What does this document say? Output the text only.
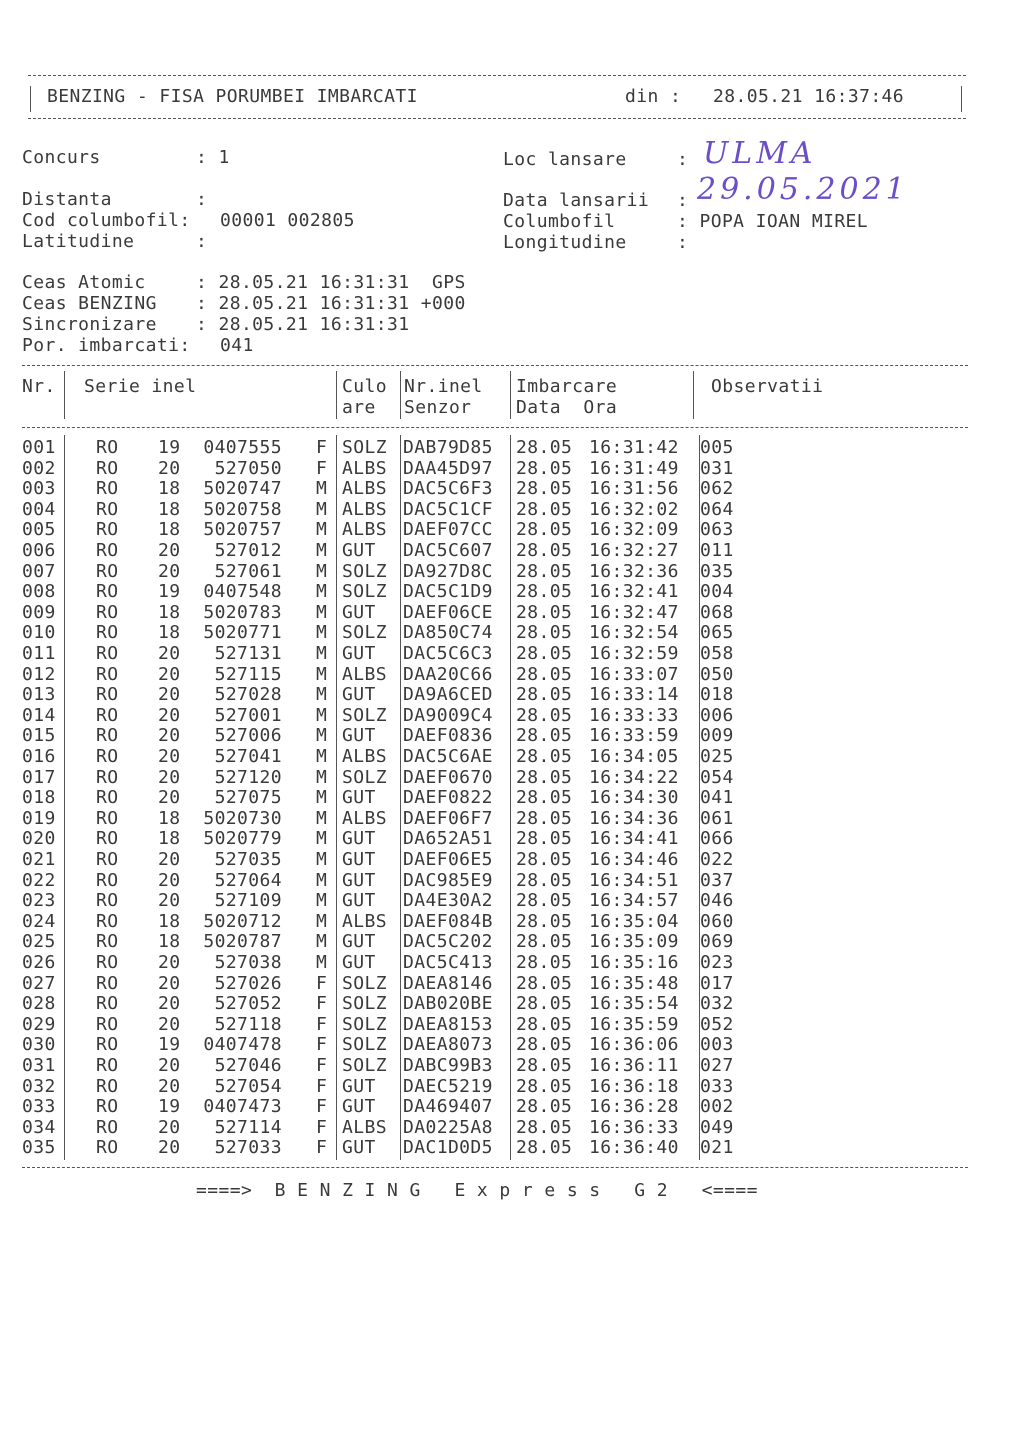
BENZING - FISA PORUMBEI IMBARCATI	din : 28.05.21 16:37:46
Concurs	: 1	Loc lansare	: ULMA
Distanta	:	Data lansarii : 29.05.2021
Cod columbofil: 00001 002805	Columbofil	: POPA IOAN MIREL
Latitudine	:	Longitudine	:
Ceas Atomic	: 28.05.21 16:31:31  GPS
Ceas BENZING : 28.05.21 16:31:31 +000
Sincronizare : 28.05.21 16:31:31
Por. imbarcati: 041
Nr. Serie inel	Culo
are
Nr.inel
Senzor
Imbarcare
Data  Ora
Observatii
001 RO 19 0407555 F SOLZ DAB79D85 28.05 16:31:42 005
002 RO 20 527050 F ALBS DAA45D97 28.05 16:31:49 031
003 RO 18 5020747 M ALBS DAC5C6F3 28.05 16:31:56 062
004 RO 18 5020758 M ALBS DAC5C1CF 28.05 16:32:02 064
005 RO 18 5020757 M ALBS DAEF07CC 28.05 16:32:09 063
006 RO 20 527012 M GUT DAC5C607 28.05 16:32:27 011
007 RO 20 527061 M SOLZ DA927D8C 28.05 16:32:36 035
008 RO 19 0407548 M SOLZ DAC5C1D9 28.05 16:32:41 004
009 RO 18 5020783 M GUT DAEF06CE 28.05 16:32:47 068
010 RO 18 5020771 M SOLZ DA850C74 28.05 16:32:54 065
011 RO 20 527131 M GUT DAC5C6C3 28.05 16:32:59 058
012 RO 20 527115 M ALBS DAA20C66 28.05 16:33:07 050
013 RO 20 527028 M GUT DA9A6CED 28.05 16:33:14 018
014 RO 20 527001 M SOLZ DA9009C4 28.05 16:33:33 006
015 RO 20 527006 M GUT DAEF0836 28.05 16:33:59 009
016 RO 20 527041 M ALBS DAC5C6AE 28.05 16:34:05 025
017 RO 20 527120 M SOLZ DAEF0670 28.05 16:34:22 054
018 RO 20 527075 M GUT DAEF0822 28.05 16:34:30 041
019 RO 18 5020730 M ALBS DAEF06F7 28.05 16:34:36 061
020 RO 18 5020779 M GUT DA652A51 28.05 16:34:41 066
021 RO 20 527035 M GUT DAEF06E5 28.05 16:34:46 022
022 RO 20 527064 M GUT DAC985E9 28.05 16:34:51 037
023 RO 20 527109 M GUT DA4E30A2 28.05 16:34:57 046
024 RO 18 5020712 M ALBS DAEF084B 28.05 16:35:04 060
025 RO 18 5020787 M GUT DAC5C202 28.05 16:35:09 069
026 RO 20 527038 M GUT DAC5C413 28.05 16:35:16 023
027 RO 20 527026 F SOLZ DAEA8146 28.05 16:35:48 017
028 RO 20 527052 F SOLZ DAB020BE 28.05 16:35:54 032
029 RO 20 527118 F SOLZ DAEA8153 28.05 16:35:59 052
030 RO 19 0407478 F SOLZ DAEA8073 28.05 16:36:06 003
031 RO 20 527046 F SOLZ DABC99B3 28.05 16:36:11 027
032 RO 20 527054 F GUT DAEC5219 28.05 16:36:18 033
033 RO 19 0407473 F GUT DA469407 28.05 16:36:28 002
034 RO 20 527114 F ALBS DA0225A8 28.05 16:36:33 049
035 RO 20 527033 F GUT DAC1D0D5 28.05 16:36:40 021
====>  B E N Z I N G   E x p r e s s   G 2   <====
